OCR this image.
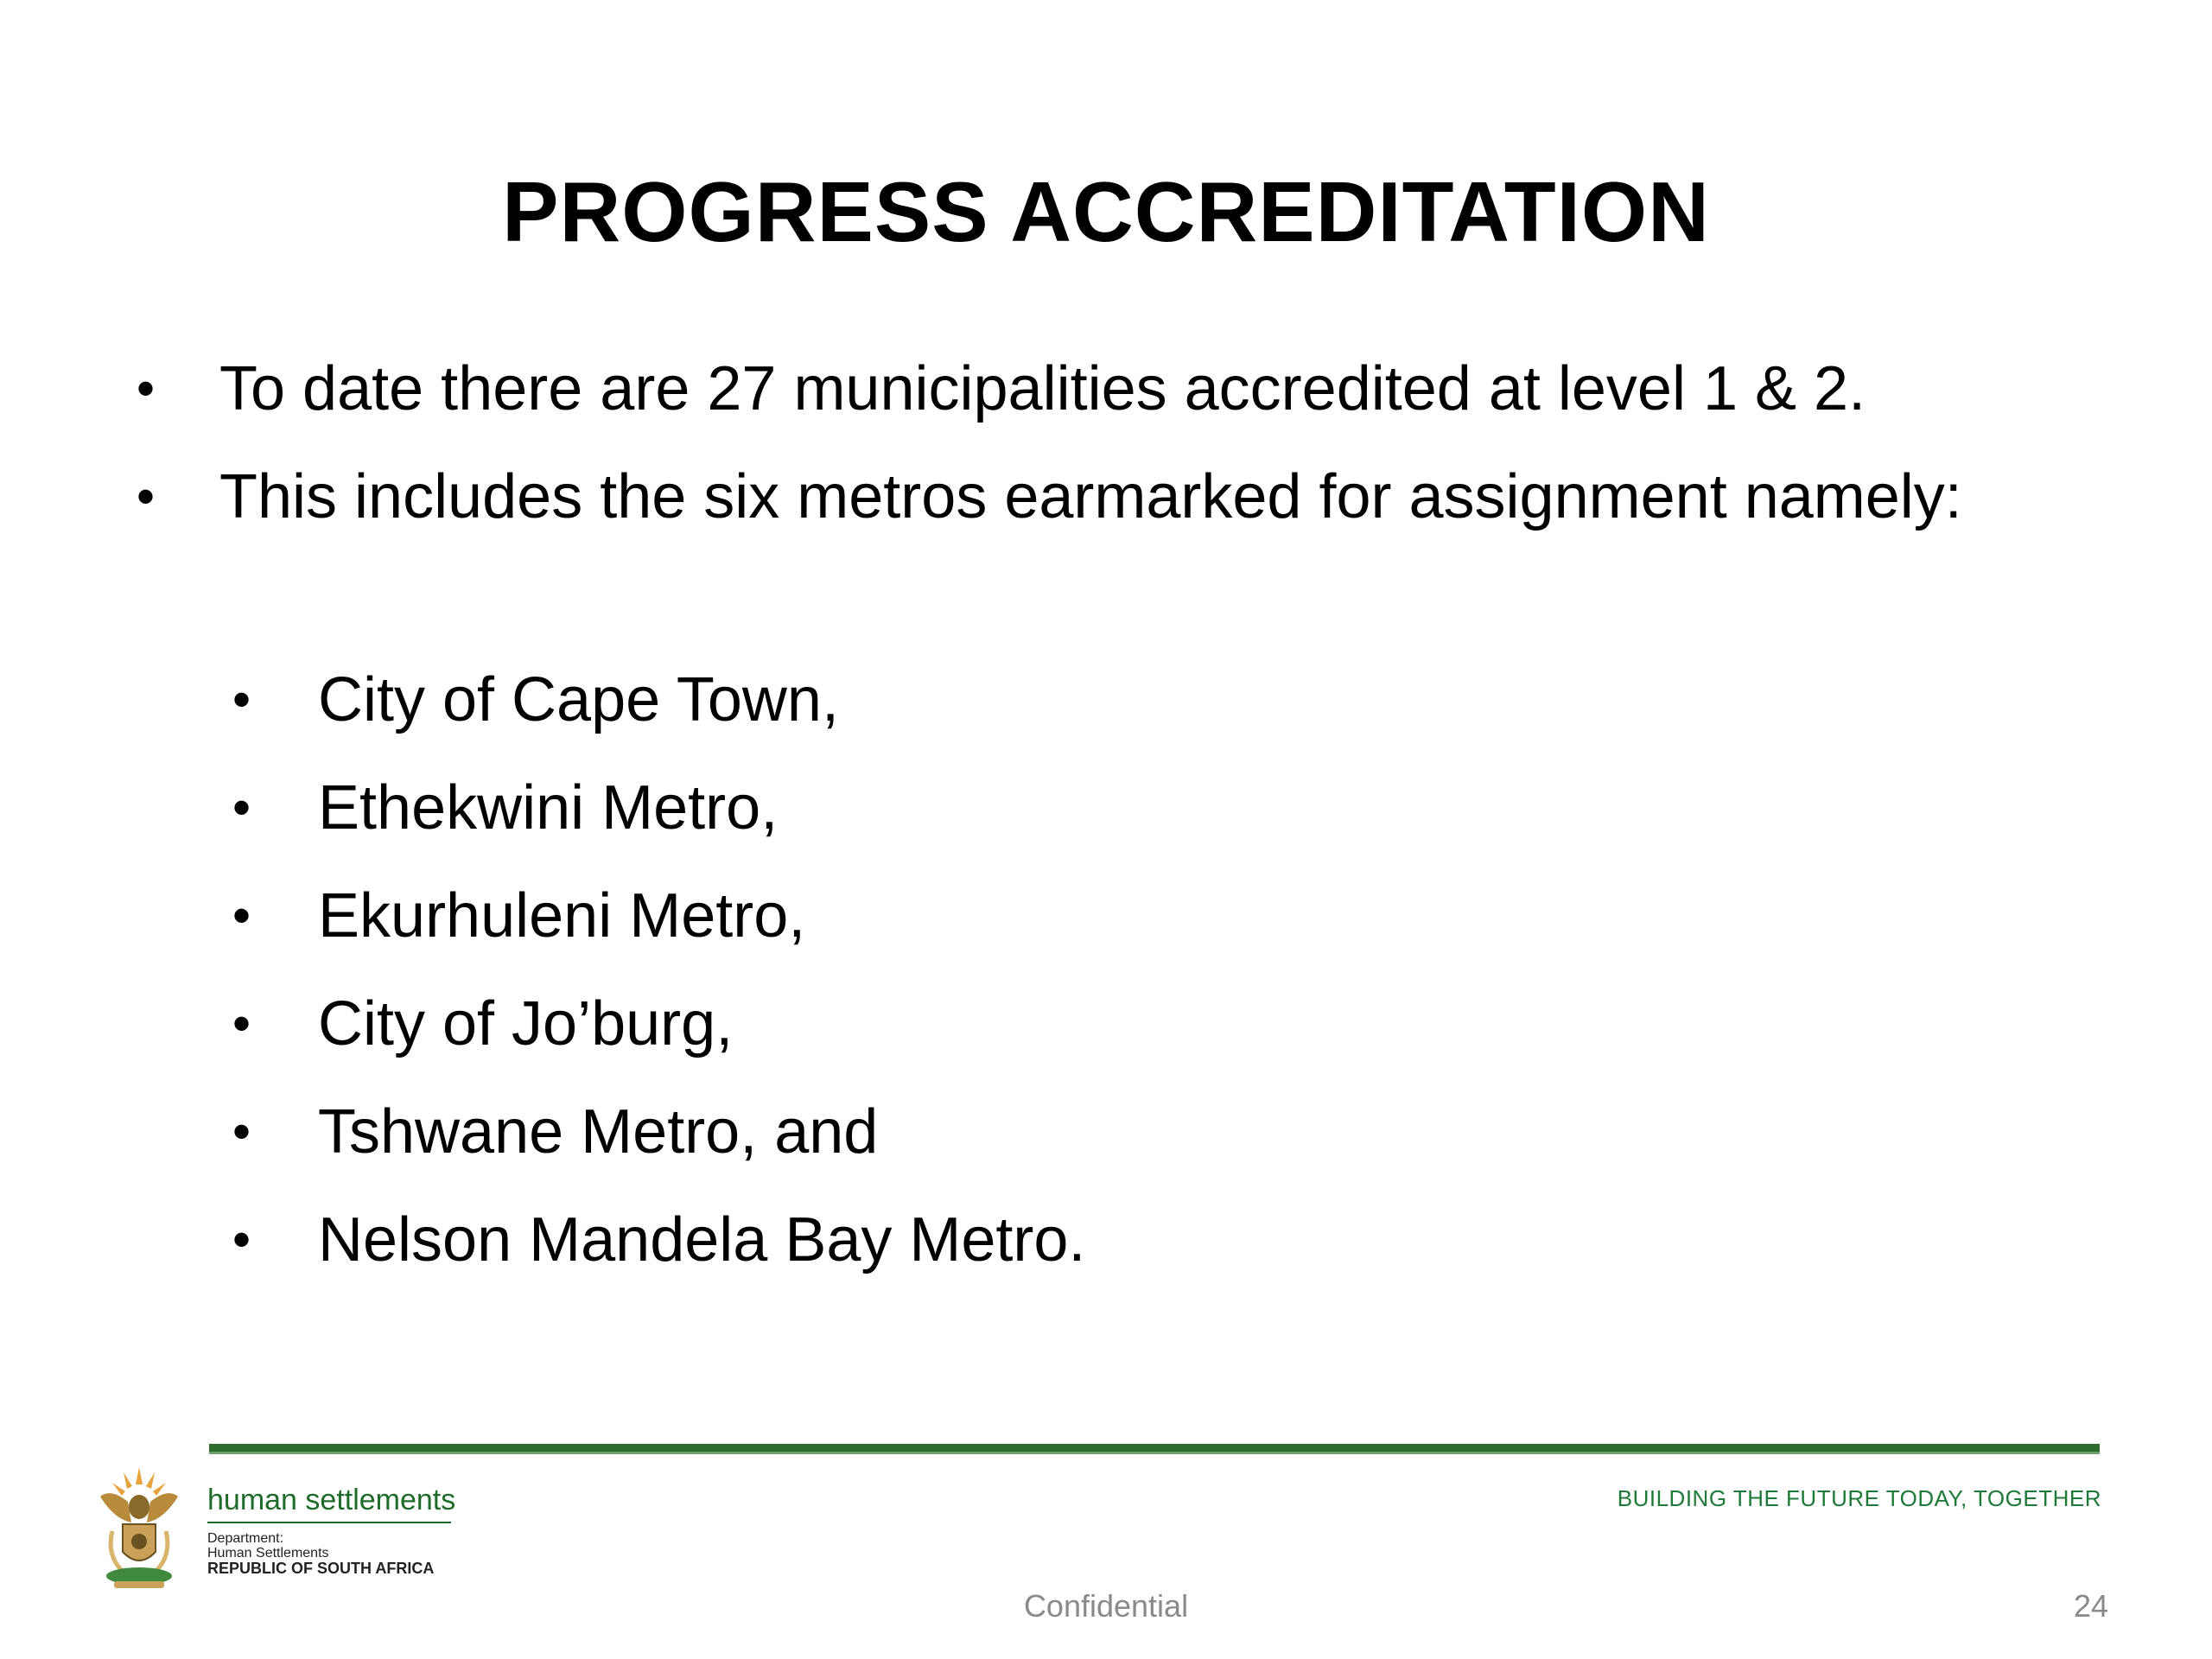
PROGRESS ACCREDITATION
• To date there are 27 municipalities accredited at level 1 & 2.
• This includes the six metros earmarked for assignment namely:
• City of Cape Town,
• Ethekwini Metro,
• Ekurhuleni Metro,
• City of Jo’burg,
• Tshwane Metro, and
• Nelson Mandela Bay Metro.
human settlements
Department:
Human Settlements
REPUBLIC OF SOUTH AFRICA
BUILDING THE FUTURE TODAY, TOGETHER
Confidential	24
